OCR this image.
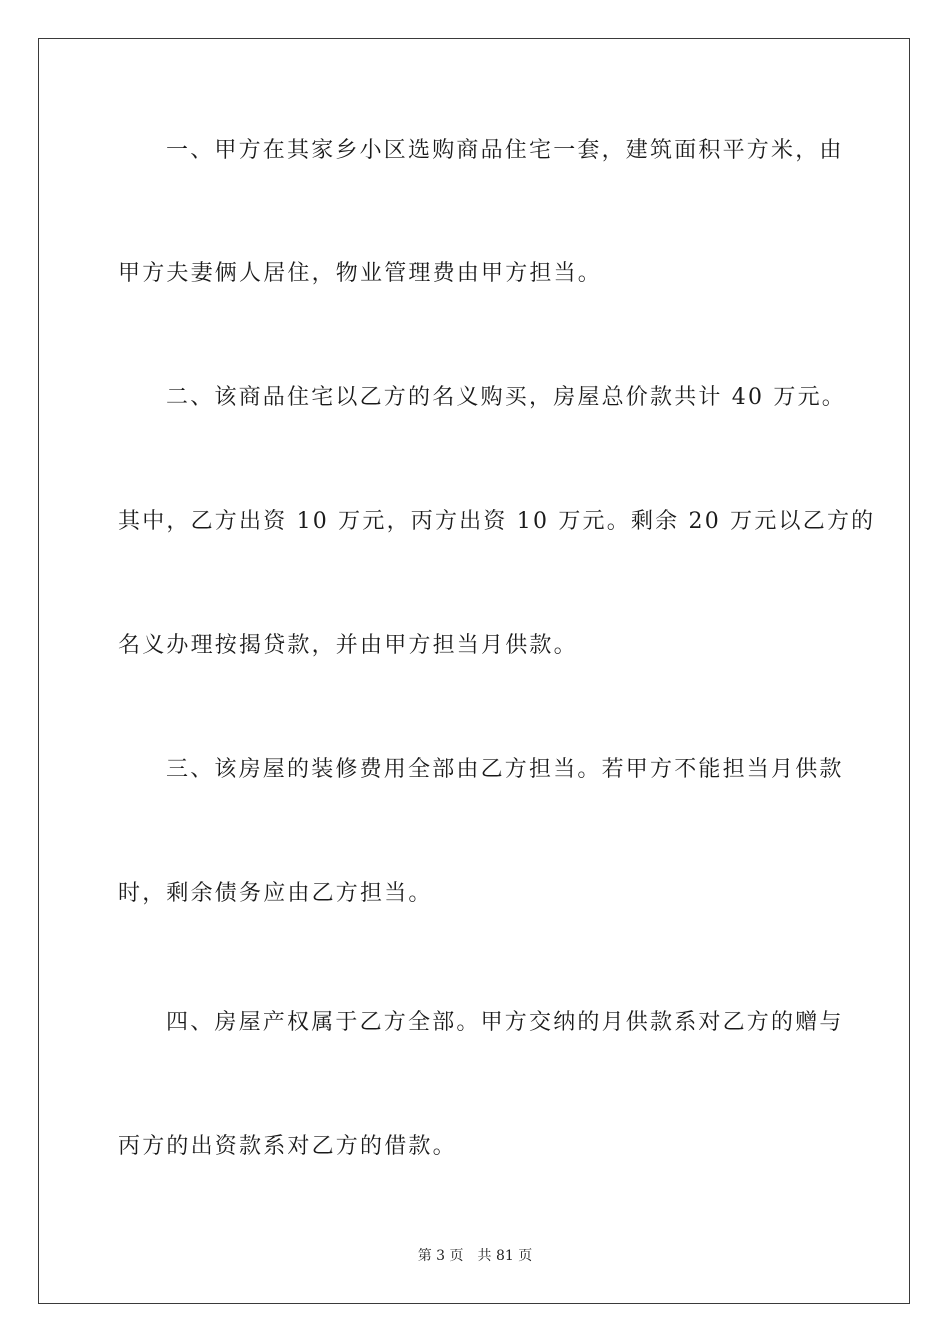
一、甲方在其家乡小区选购商品住宅一套，建筑面积平方米，由
甲方夫妻俩人居住，物业管理费由甲方担当。
二、该商品住宅以乙方的名义购买，房屋总价款共计 40 万元。
其中，乙方出资 10 万元，丙方出资 10 万元。剩余 20 万元以乙方的
名义办理按揭贷款，并由甲方担当月供款。
三、该房屋的装修费用全部由乙方担当。若甲方不能担当月供款
时，剩余债务应由乙方担当。
四、房屋产权属于乙方全部。甲方交纳的月供款系对乙方的赠与
丙方的出资款系对乙方的借款。
第 3 页 共 81 页
